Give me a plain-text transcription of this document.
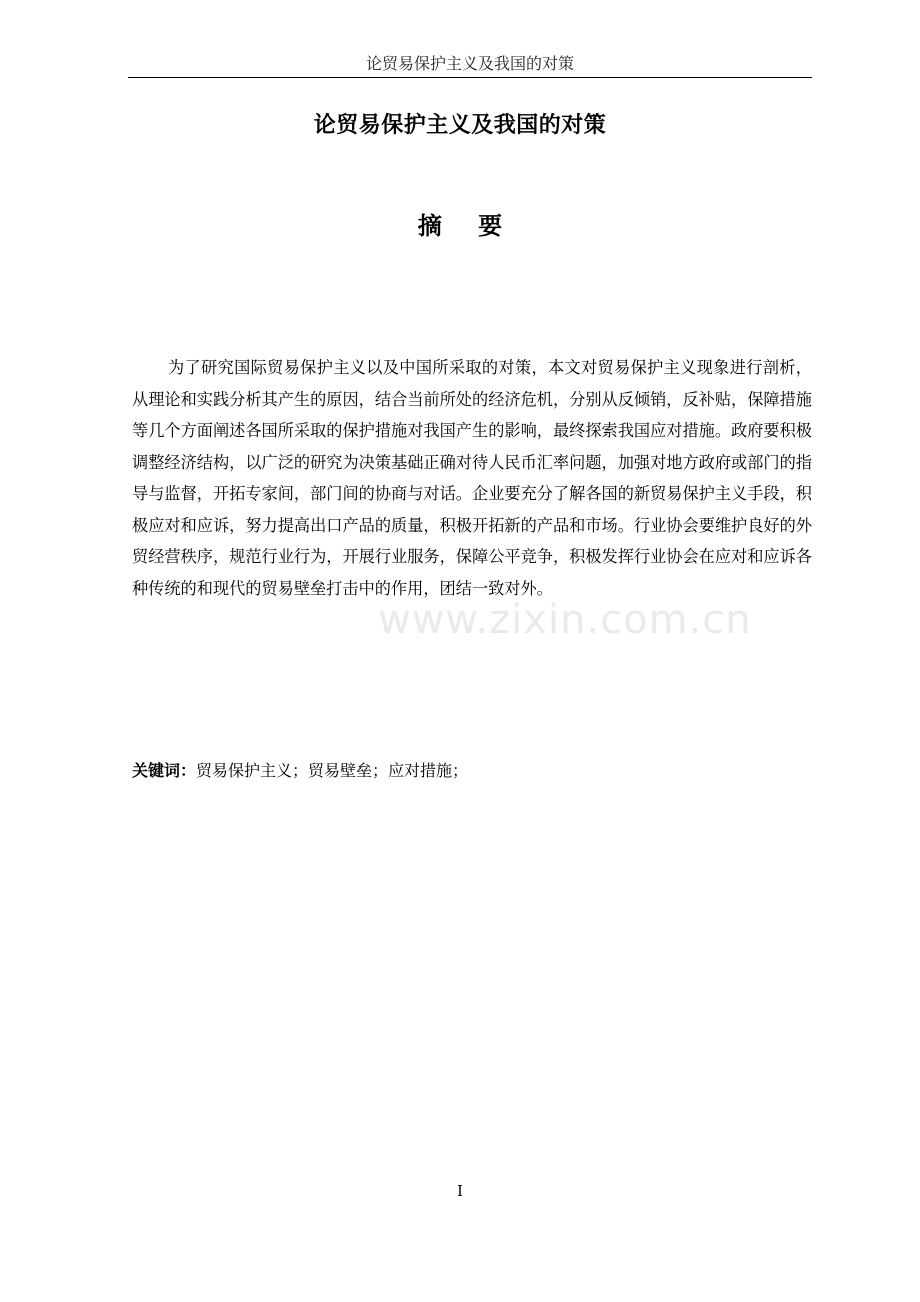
论贸易保护主义及我国的对策
论贸易保护主义及我国的对策
摘 要

为了研究国际贸易保护主义以及中国所采取的对策，本文对贸易保护主义现象进行剖析，从理论和实践分析其产生的原因，结合当前所处的经济危机，分别从反倾销，反补贴，保障措施等几个方面阐述各国所采取的保护措施对我国产生的影响，最终探索我国应对措施。政府要积极调整经济结构，以广泛的研究为决策基础正确对待人民币汇率问题，加强对地方政府或部门的指导与监督，开拓专家间，部门间的协商与对话。企业要充分了解各国的新贸易保护主义手段，积极应对和应诉，努力提高出口产品的质量，积极开拓新的产品和市场。行业协会要维护良好的外贸经营秩序，规范行业行为，开展行业服务，保障公平竞争，积极发挥行业协会在应对和应诉各种传统的和现代的贸易壁垒打击中的作用，团结一致对外。

www.zixin.com.cn
关键词：贸易保护主义；贸易壁垒；应对措施；
I
